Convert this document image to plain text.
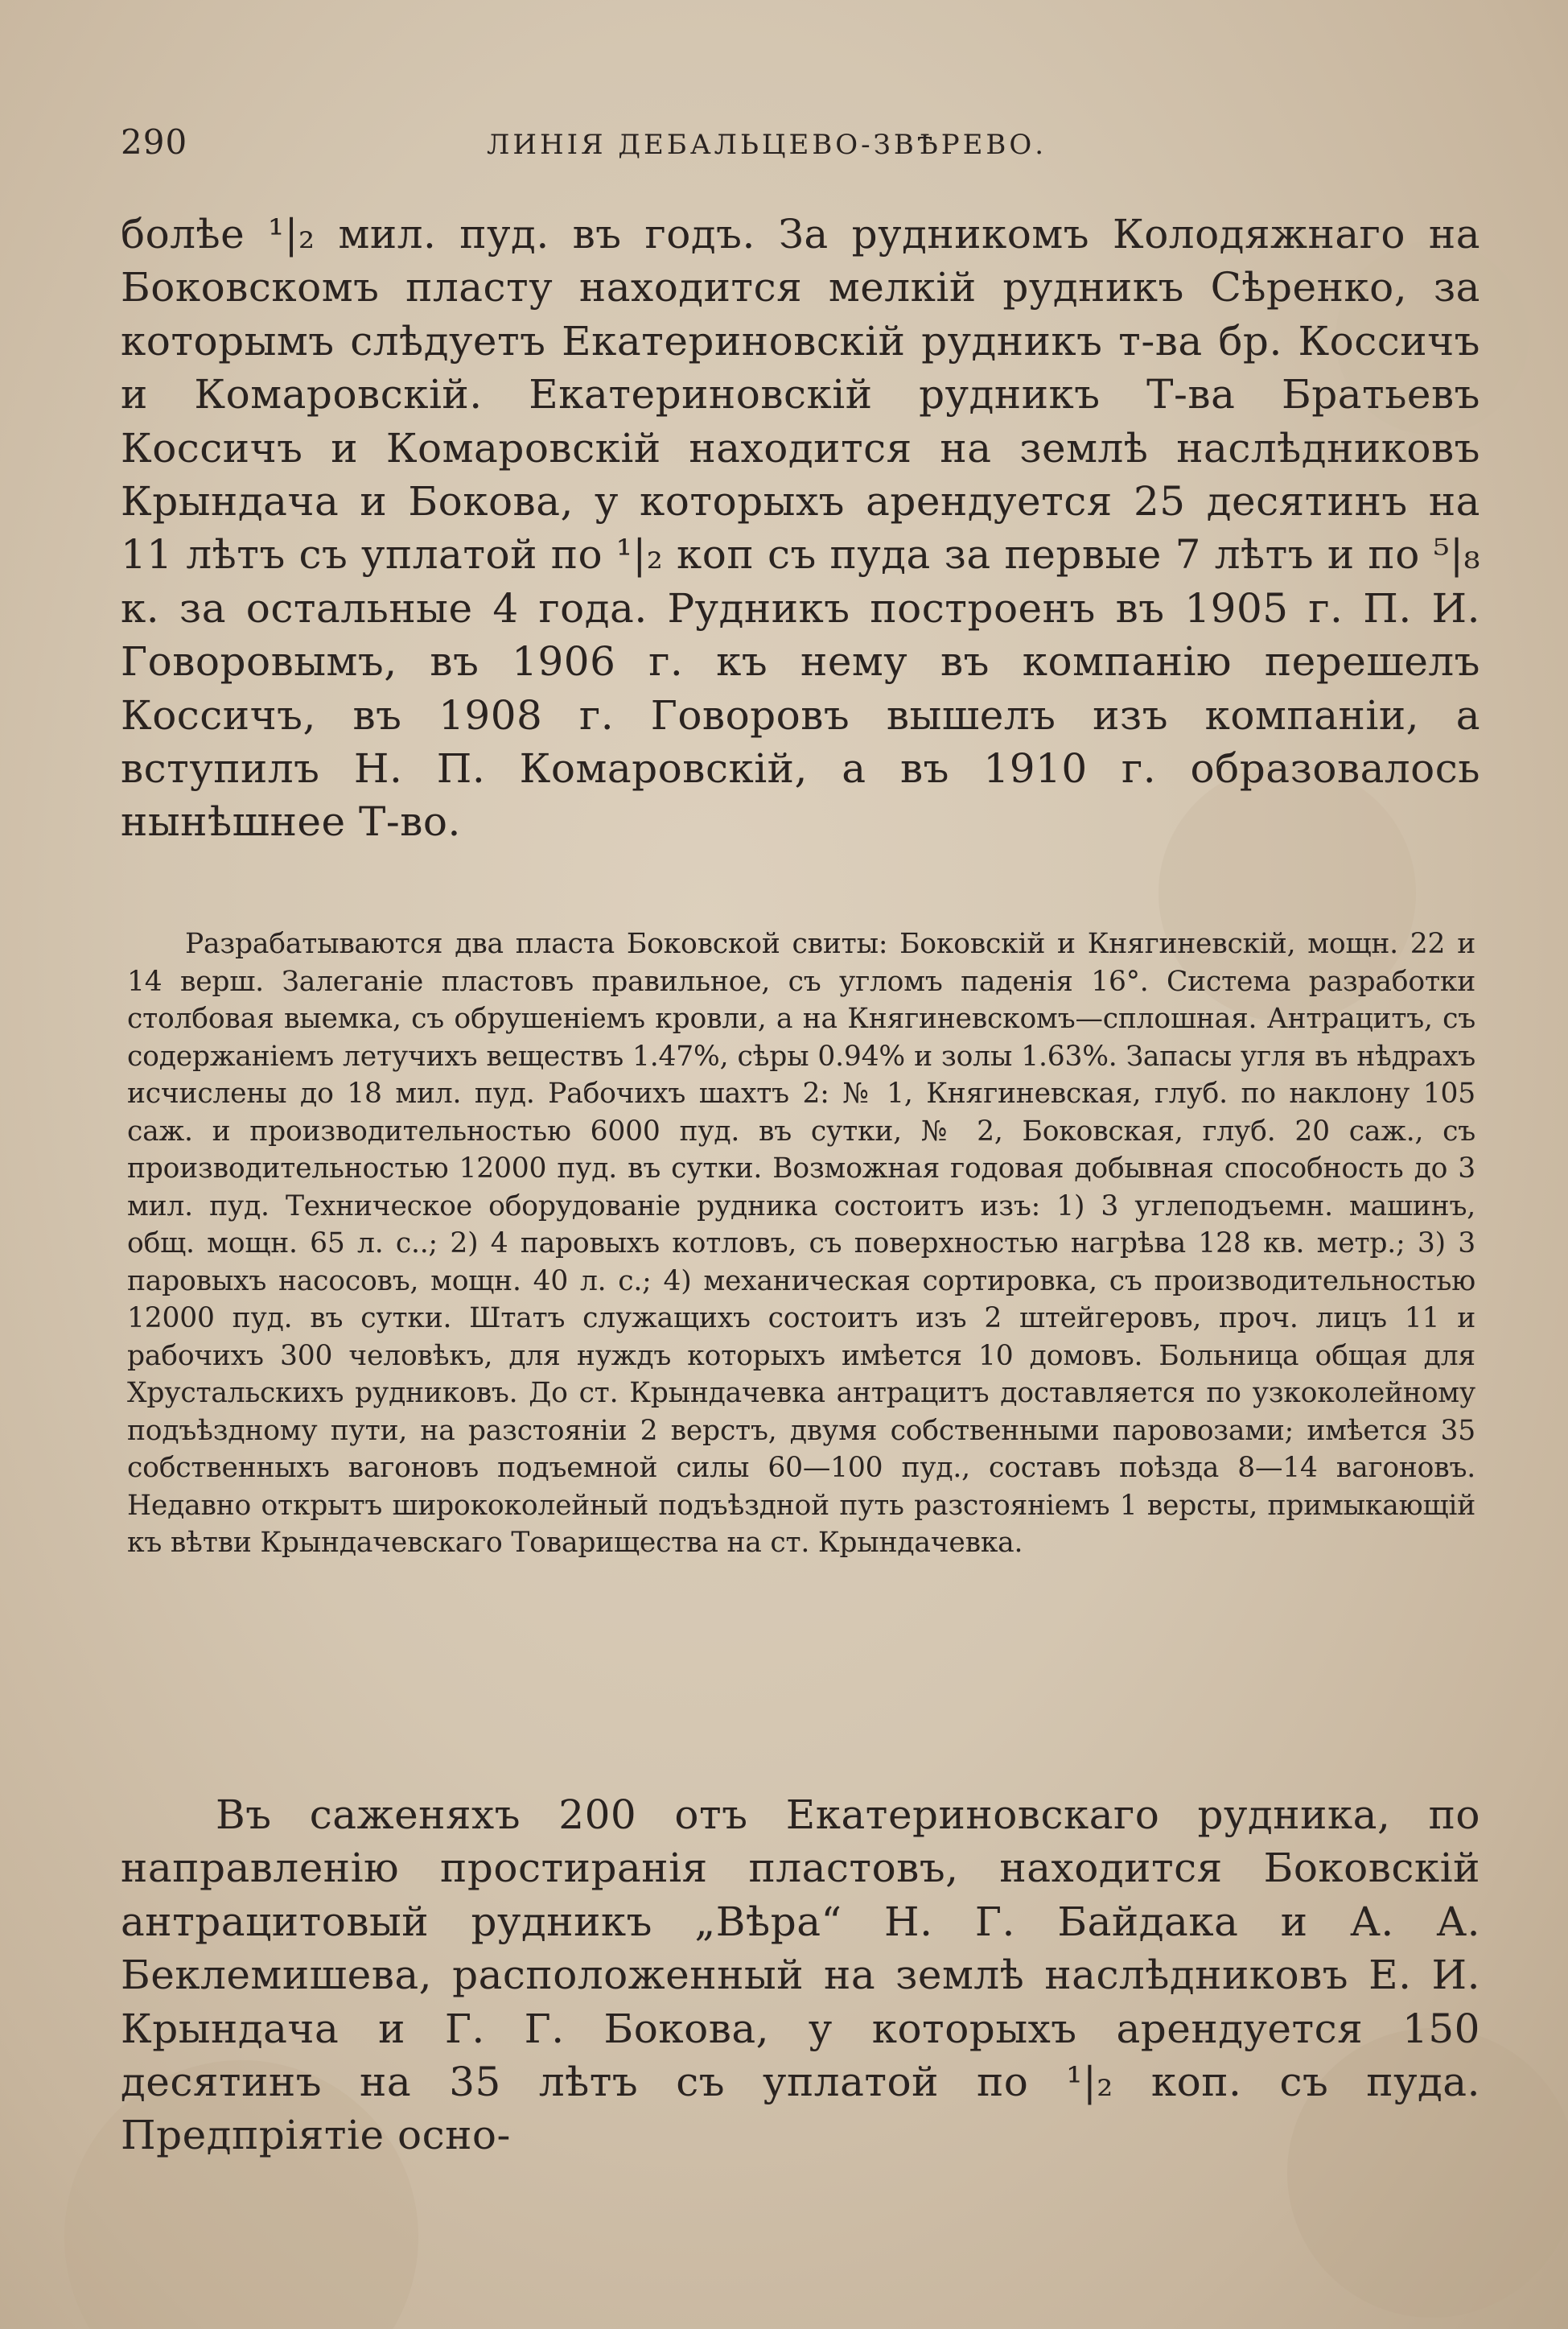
290	ЛИНІЯ ДЕБАЛЬЦЕВО-ЗВѢРЕВО.

болѣе ¹|₂ мил. пуд. въ годъ. За рудникомъ Колодяжнаго на Боковскомъ пласту находится мелкій рудникъ Сѣренко, за которымъ слѣдуетъ Екатериновскій рудникъ т-ва бр. Косcичъ и Комаровскій. Екатериновскій рудникъ Т-ва Братьевъ Косcичъ и Комаровскій находится на землѣ наслѣдниковъ Крындача и Бокова, у которыхъ арендуется 25 десятинъ на 11 лѣтъ съ уплатой по ¹|₂ коп съ пуда за первые 7 лѣтъ и по ⁵|₈ к. за остальные 4 года. Рудникъ построенъ въ 1905 г. П. И. Говоровымъ, въ 1906 г. къ нему въ компанію перешелъ Коссичъ, въ 1908 г. Говоровъ вышелъ изъ компаніи, а вступилъ Н. П. Комаровскій, а въ 1910 г. образовалось нынѣшнее Т-во.

Разрабатываются два пласта Боковской свиты: Боковскій и Княгиневскій, мощн. 22 и 14 верш. Залеганіе пластовъ правильное, съ угломъ паденія 16°. Система разработки столбовая выемка, съ обрушеніемъ кровли, а на Княгиневскомъ—сплошная. Антрацитъ, съ содержаніемъ летучихъ веществъ 1.47%, сѣры 0.94% и золы 1.63%. Запасы угля въ нѣдрахъ исчислены до 18 мил. пуд. Рабочихъ шахтъ 2: № 1, Княгиневская, глуб. по наклону 105 саж. и производительностью 6000 пуд. въ сутки, № 2, Боковская, глуб. 20 саж., съ производительностью 12000 пуд. въ сутки. Возможная годовая добывная способность до 3 мил. пуд. Техническое оборудованіе рудника состоитъ изъ: 1) 3 углеподъемн. машинъ, общ. мощн. 65 л. с..; 2) 4 паровыхъ котловъ, съ поверхностью нагрѣва 128 кв. метр.; 3) 3 паровыхъ насосовъ, мощн. 40 л. с.; 4) механическая сортировка, съ производительностью 12000 пуд. въ сутки. Штатъ служащихъ состоитъ изъ 2 штейгеровъ, проч. лицъ 11 и рабочихъ 300 человѣкъ, для нуждъ которыхъ имѣется 10 домовъ. Больница общая для Хрустальскихъ рудниковъ. До ст. Крындачевка антрацитъ доставляется по узкоколейному подъѣздному пути, на разстояніи 2 верстъ, двумя собственными паровозами; имѣется 35 собственныхъ вагоновъ подъемной силы 60—100 пуд., составъ поѣзда 8—14 вагоновъ. Недавно открытъ ширококолейный подъѣздной путь разстояніемъ 1 версты, примыкающій къ вѣтви Крындачевскаго Товарищества на ст. Крындачевка.

Въ саженяхъ 200 отъ Екатериновскаго рудника, по направленію простиранія пластовъ, находится Боковскій антрацитовый рудникъ „Вѣра“ Н. Г. Байдака и А. А. Беклемишева, расположенный на землѣ наслѣдниковъ Е. И. Крындача и Г. Г. Бокова, у которыхъ арендуется 150 десятинъ на 35 лѣтъ съ уплатой по ¹|₂ коп. съ пуда. Предпріятіе осно-
